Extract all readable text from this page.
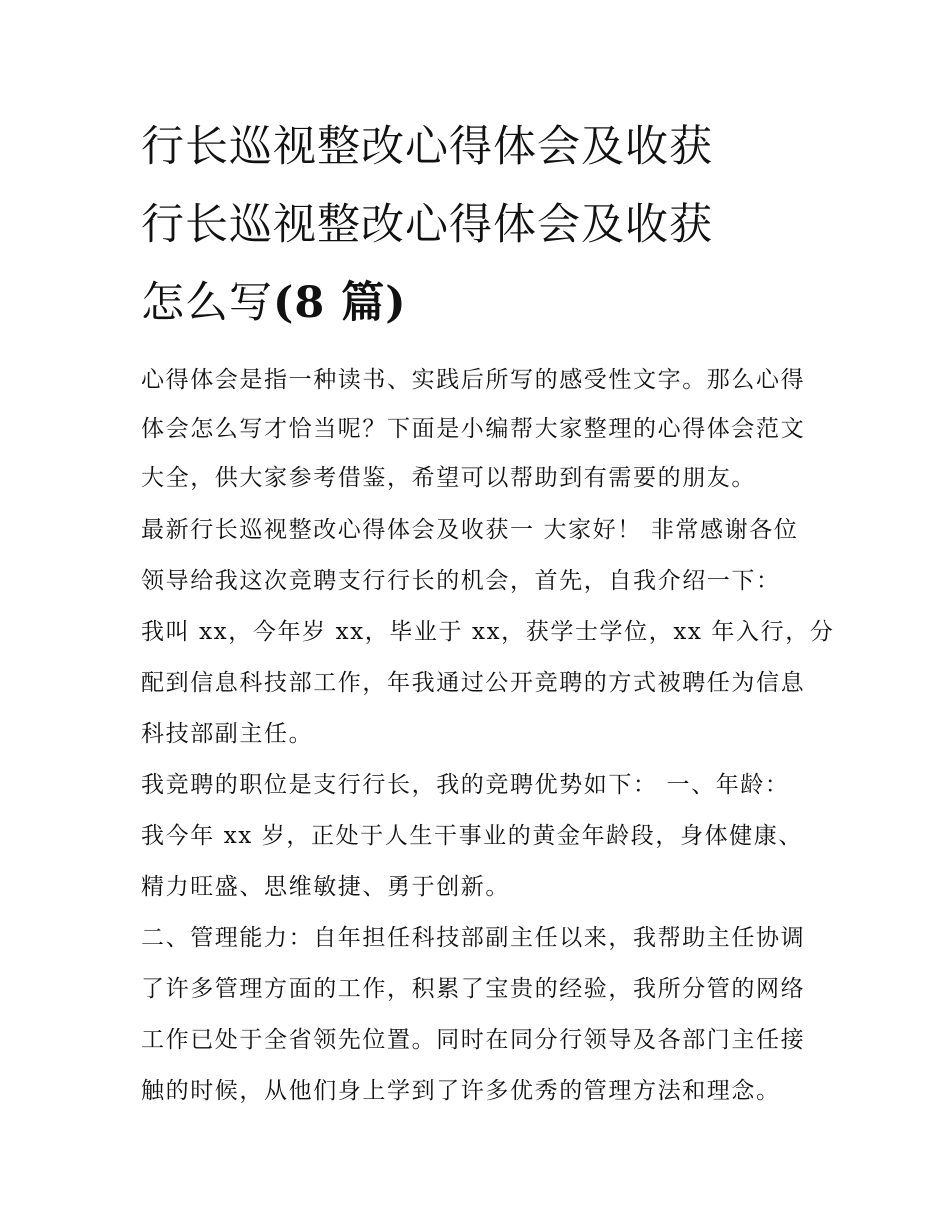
行长巡视整改心得体会及收获
行长巡视整改心得体会及收获
怎么写(8 篇)
心得体会是指一种读书、实践后所写的感受性文字。那么心得
体会怎么写才恰当呢？下面是小编帮大家整理的心得体会范文
大全，供大家参考借鉴，希望可以帮助到有需要的朋友。
最新行长巡视整改心得体会及收获一 大家好！ 非常感谢各位
领导给我这次竞聘支行行长的机会，首先，自我介绍一下：
我叫 xx，今年岁 xx，毕业于 xx，获学士学位，xx 年入行，分
配到信息科技部工作，年我通过公开竞聘的方式被聘任为信息
科技部副主任。
我竞聘的职位是支行行长，我的竞聘优势如下： 一、年龄：
我今年 xx 岁，正处于人生干事业的黄金年龄段，身体健康、
精力旺盛、思维敏捷、勇于创新。
二、管理能力：自年担任科技部副主任以来，我帮助主任协调
了许多管理方面的工作，积累了宝贵的经验，我所分管的网络
工作已处于全省领先位置。同时在同分行领导及各部门主任接
触的时候，从他们身上学到了许多优秀的管理方法和理念。
